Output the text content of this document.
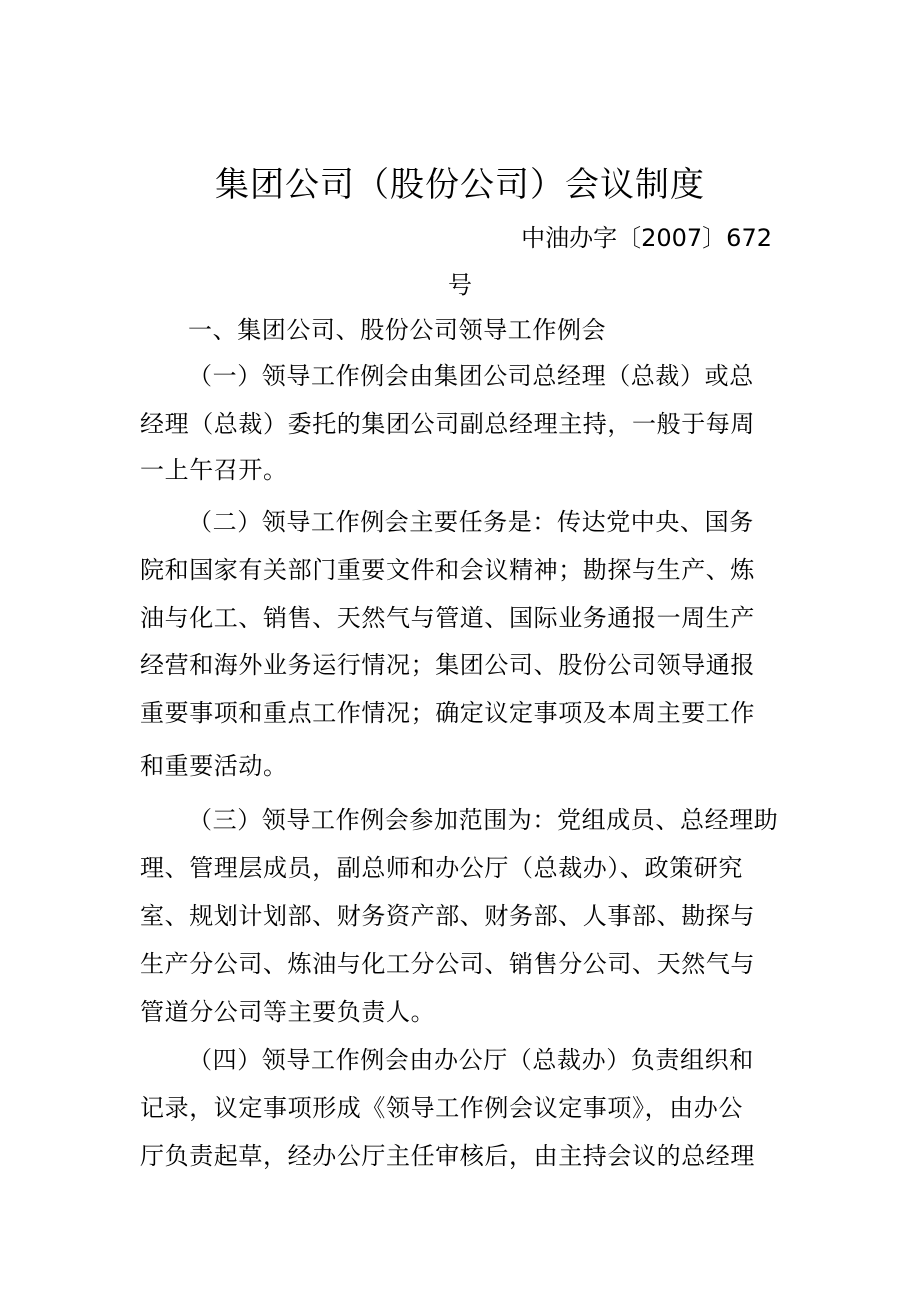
集团公司（股份公司）会议制度
中油办字〔2007〕672
号
一、集团公司、股份公司领导工作例会
（一）领导工作例会由集团公司总经理（总裁）或总
经理（总裁）委托的集团公司副总经理主持，一般于每周
一上午召开。
（二）领导工作例会主要任务是：传达党中央、国务
院和国家有关部门重要文件和会议精神；勘探与生产、炼
油与化工、销售、天然气与管道、国际业务通报一周生产
经营和海外业务运行情况；集团公司、股份公司领导通报
重要事项和重点工作情况；确定议定事项及本周主要工作
和重要活动。
（三）领导工作例会参加范围为：党组成员、总经理助
理、管理层成员，副总师和办公厅（总裁办）、政策研究
室、规划计划部、财务资产部、财务部、人事部、勘探与
生产分公司、炼油与化工分公司、销售分公司、天然气与
管道分公司等主要负责人。
（四）领导工作例会由办公厅（总裁办）负责组织和
记录，议定事项形成《领导工作例会议定事项》，由办公
厅负责起草，经办公厅主任审核后，由主持会议的总经理
